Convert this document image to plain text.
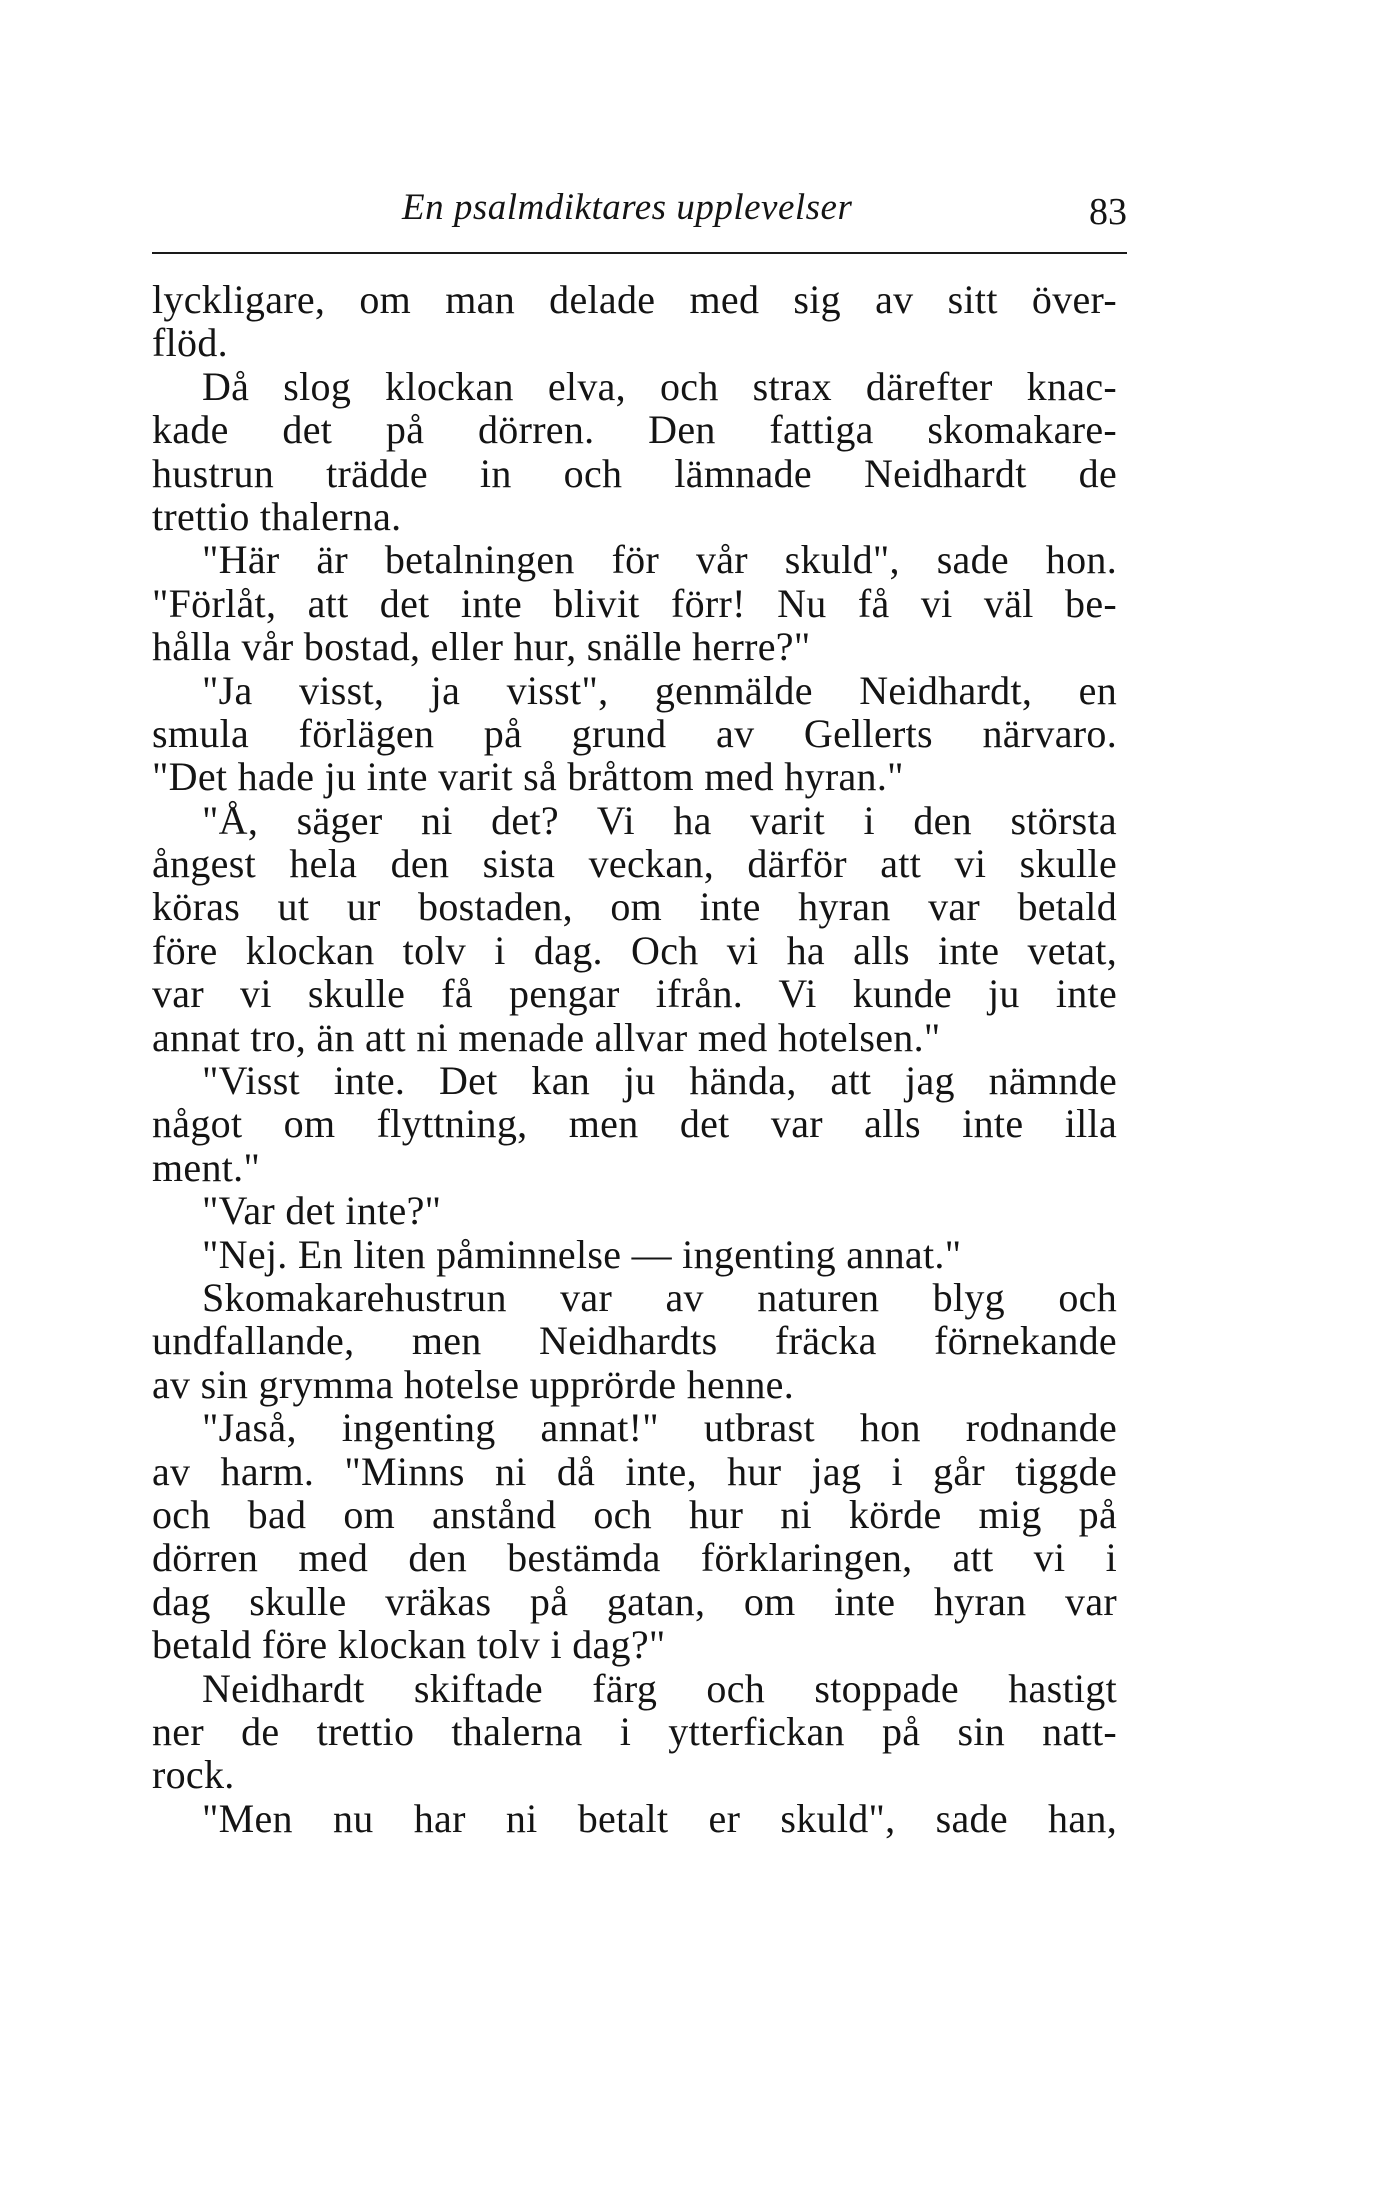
En psalmdiktares upplevelser	83
lyckligare, om man delade med sig av sitt över-
flöd.
Då slog klockan elva, och strax därefter knac-
kade det på dörren. Den fattiga skomakare-
hustrun trädde in och lämnade Neidhardt de
trettio thalerna.
"Här är betalningen för vår skuld", sade hon.
"Förlåt, att det inte blivit förr! Nu få vi väl be-
hålla vår bostad, eller hur, snälle herre?"
"Ja visst, ja visst", genmälde Neidhardt, en
smula förlägen på grund av Gellerts närvaro.
"Det hade ju inte varit så bråttom med hyran."
"Å, säger ni det? Vi ha varit i den största
ångest hela den sista veckan, därför att vi skulle
köras ut ur bostaden, om inte hyran var betald
före klockan tolv i dag. Och vi ha alls inte vetat,
var vi skulle få pengar ifrån. Vi kunde ju inte
annat tro, än att ni menade allvar med hotelsen."
"Visst inte. Det kan ju hända, att jag nämnde
något om flyttning, men det var alls inte illa
ment."
"Var det inte?"
"Nej. En liten påminnelse — ingenting annat."
Skomakarehustrun var av naturen blyg och
undfallande, men Neidhardts fräcka förnekande
av sin grymma hotelse upprörde henne.
"Jaså, ingenting annat!" utbrast hon rodnande
av harm. "Minns ni då inte, hur jag i går tiggde
och bad om anstånd och hur ni körde mig på
dörren med den bestämda förklaringen, att vi i
dag skulle vräkas på gatan, om inte hyran var
betald före klockan tolv i dag?"
Neidhardt skiftade färg och stoppade hastigt
ner de trettio thalerna i ytterfickan på sin natt-
rock.
"Men nu har ni betalt er skuld", sade han,
